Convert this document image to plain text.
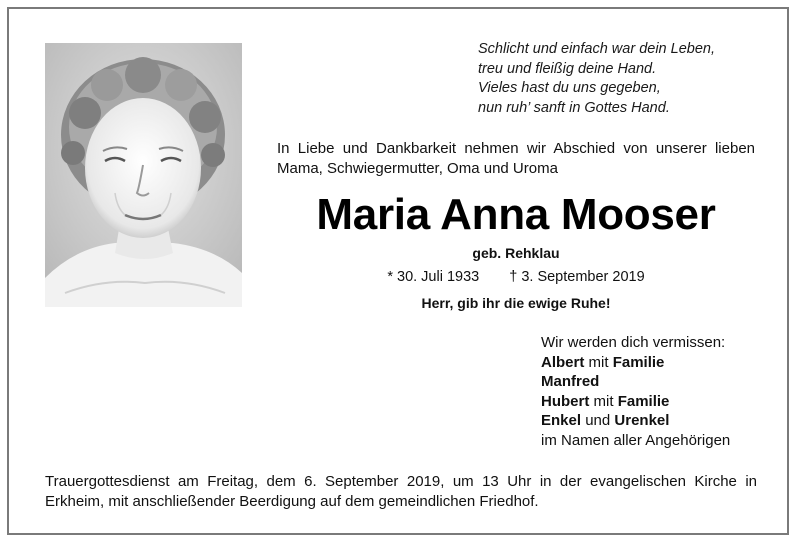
Schlicht und einfach war dein Leben,
treu und fleißig deine Hand.
Vieles hast du uns gegeben,
nun ruh’ sanft in Gottes Hand.
In Liebe und Dankbarkeit nehmen wir Abschied von unserer lieben Mama, Schwiegermutter, Oma und Uroma
Maria Anna Mooser
geb. Rehklau
* 30. Juli 1933 † 3. September 2019
Herr, gib ihr die ewige Ruhe!
Wir werden dich vermissen:
Albert mit Familie
Manfred
Hubert mit Familie
Enkel und Urenkel
im Namen aller Angehörigen
Trauergottesdienst am Freitag, dem 6. September 2019, um 13 Uhr in der evangelischen Kirche in Erkheim, mit anschließender Beerdigung auf dem gemeindlichen Friedhof.
